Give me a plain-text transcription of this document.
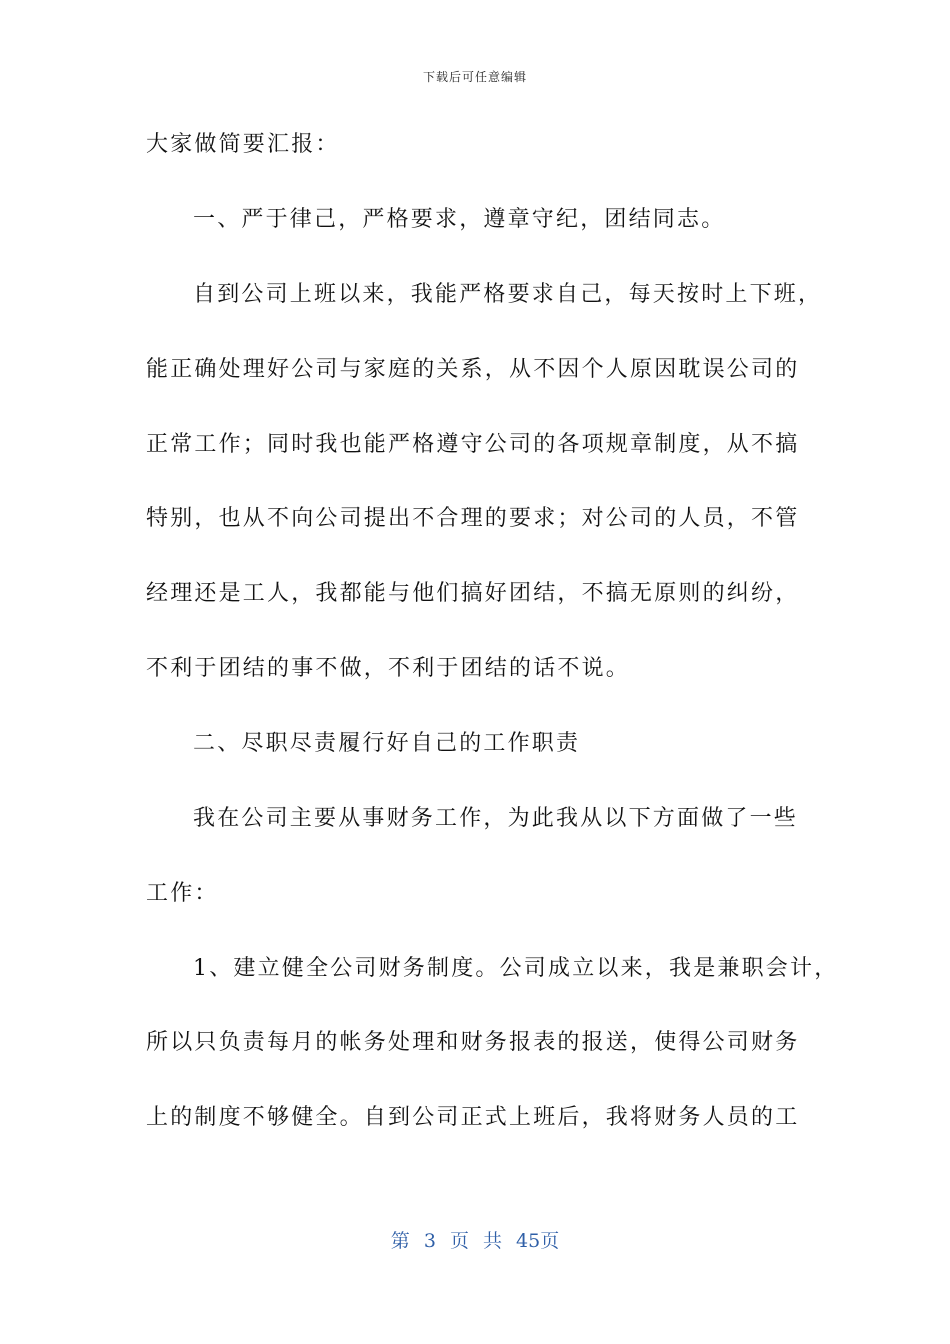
下载后可任意编辑
大家做简要汇报：
一、严于律己，严格要求，遵章守纪，团结同志。
自到公司上班以来，我能严格要求自己，每天按时上下班，
能正确处理好公司与家庭的关系，从不因个人原因耽误公司的
正常工作；同时我也能严格遵守公司的各项规章制度，从不搞
特别，也从不向公司提出不合理的要求；对公司的人员，不管
经理还是工人，我都能与他们搞好团结，不搞无原则的纠纷，
不利于团结的事不做，不利于团结的话不说。
二、尽职尽责履行好自己的工作职责
我在公司主要从事财务工作，为此我从以下方面做了一些
工作：
1、建立健全公司财务制度。公司成立以来，我是兼职会计，
所以只负责每月的帐务处理和财务报表的报送，使得公司财务
上的制度不够健全。自到公司正式上班后，我将财务人员的工
第 3 页 共 45页
